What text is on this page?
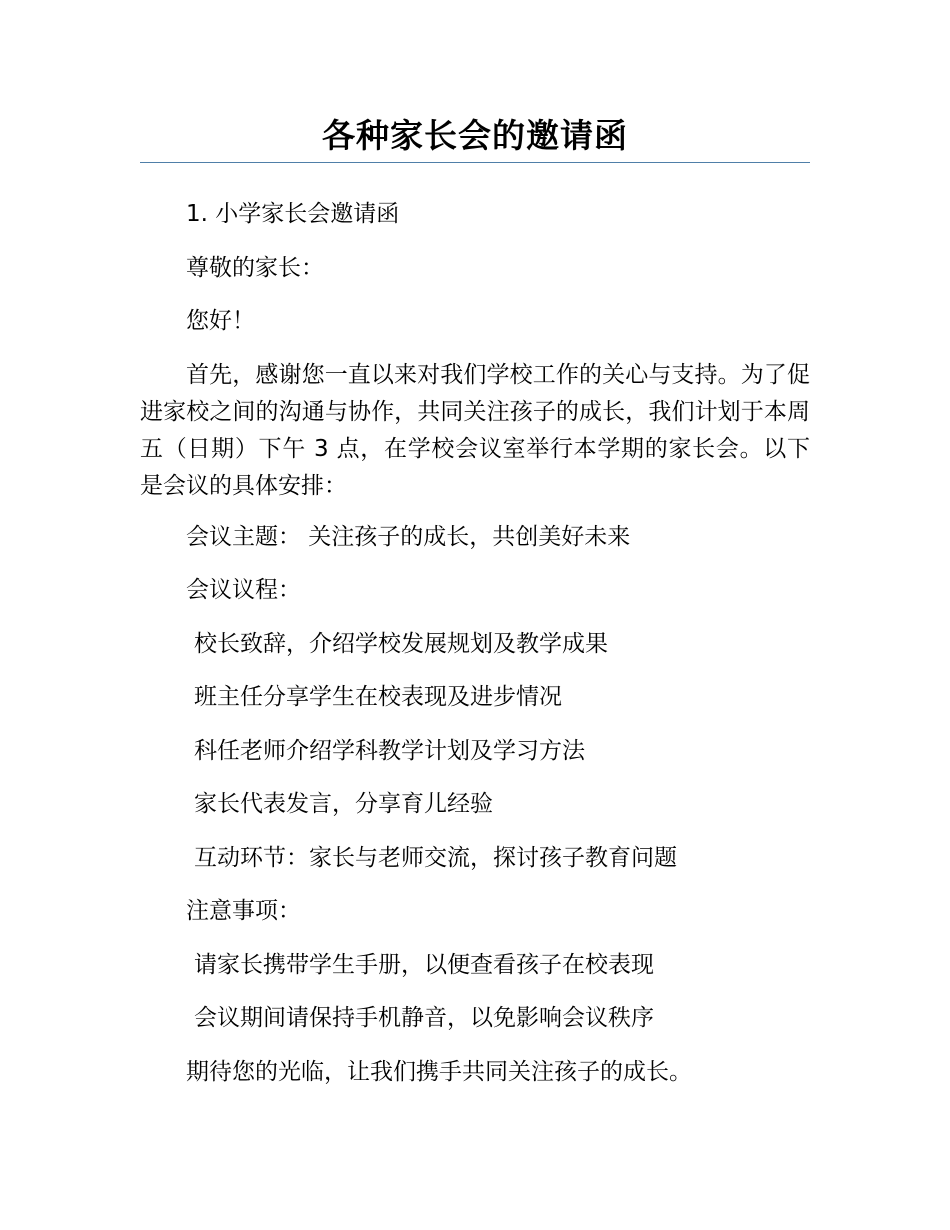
各种家长会的邀请函

1. 小学家长会邀请函

尊敬的家长：

您好！

首先，感谢您一直以来对我们学校工作的关心与支持。为了促进家校之间的沟通与协作，共同关注孩子的成长，我们计划于本周五（日期）下午 3 点，在学校会议室举行本学期的家长会。以下是会议的具体安排：

会议主题： 关注孩子的成长，共创美好未来

会议议程：

校长致辞，介绍学校发展规划及教学成果

班主任分享学生在校表现及进步情况

科任老师介绍学科教学计划及学习方法

家长代表发言，分享育儿经验

互动环节：家长与老师交流，探讨孩子教育问题

注意事项：

请家长携带学生手册，以便查看孩子在校表现

会议期间请保持手机静音，以免影响会议秩序

期待您的光临，让我们携手共同关注孩子的成长。
